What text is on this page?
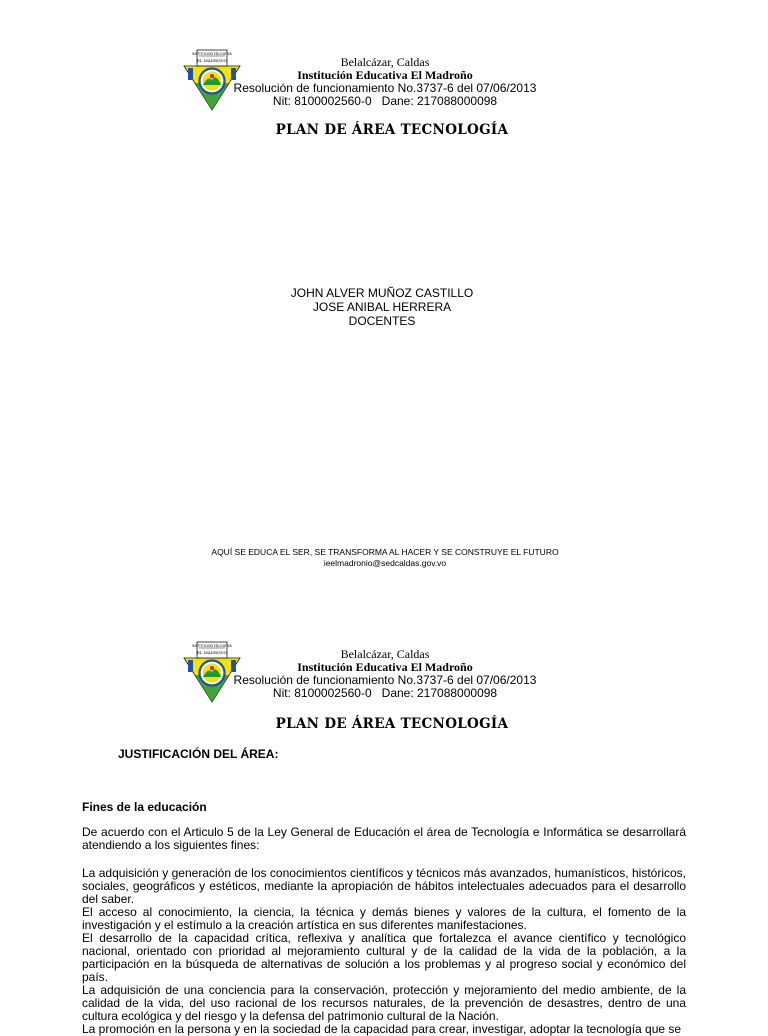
INSTITUCIÓN EDUCATIVA
EL MADROÑO	Belalcázar, Caldas
Institución Educativa El Madroño
Resolución de funcionamiento No.3737-6 del 07/06/2013
Nit: 8100002560-0   Dane: 217088000098
PLAN DE ÁREA TECNOLOGÍA
JOHN ALVER MUÑOZ CASTILLO
JOSE ANIBAL HERRERA
DOCENTES
AQUÍ SE EDUCA EL SER, SE TRANSFORMA AL HACER Y SE CONSTRUYE EL FUTURO
ieelmadronio@sedcaldas.gov.vo
INSTITUCIÓN EDUCATIVA
EL MADROÑO	Belalcázar, Caldas
Institución Educativa El Madroño
Resolución de funcionamiento No.3737-6 del 07/06/2013
Nit: 8100002560-0   Dane: 217088000098
PLAN DE ÁREA TECNOLOGÍA
JUSTIFICACIÓN DEL ÁREA:
Fines de la educación
De acuerdo con el Articulo 5 de la Ley General de Educación el área de Tecnología e Informática se desarrollará atendiendo a los siguientes fines:

La adquisición y generación de los conocimientos científicos y técnicos más avanzados, humanísticos, históricos, sociales, geográficos y estéticos, mediante la apropiación de hábitos intelectuales adecuados para el desarrollo del saber.

El acceso al conocimiento, la ciencia, la técnica y demás bienes y valores de la cultura, el fomento de la investigación y el estímulo a la creación artística en sus diferentes manifestaciones.

El desarrollo de la capacidad crítica, reflexiva y analítica que fortalezca el avance científico y tecnológico nacional, orientado con prioridad al mejoramiento cultural y de la calidad de la vida de la población, a la participación en la búsqueda de alternativas de solución a los problemas y al progreso social y económico del país.

La adquisición de una conciencia para la conservación, protección y mejoramiento del medio ambiente, de la calidad de la vida, del uso racional de los recursos naturales, de la prevención de desastres, dentro de una cultura ecológica y del riesgo y la defensa del patrimonio cultural de la Nación.

La promoción en la persona y en la sociedad de la capacidad para crear, investigar, adoptar la tecnología que se
